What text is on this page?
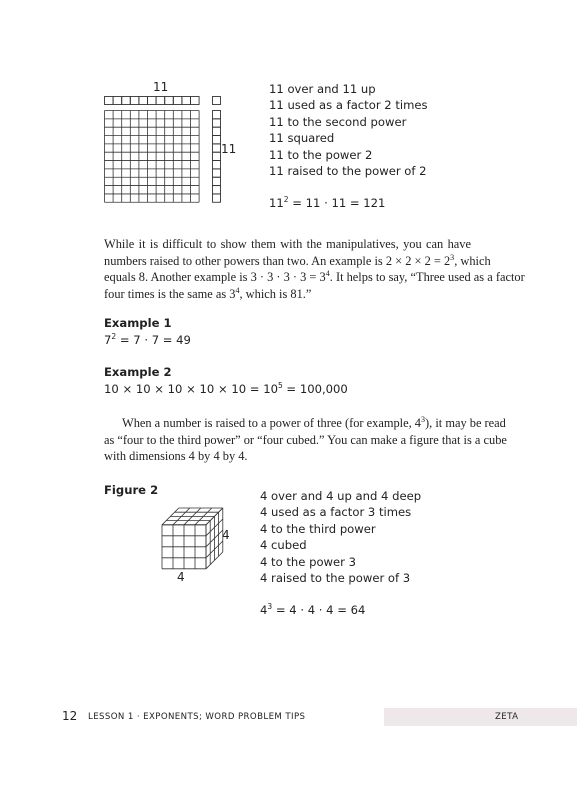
11
11
11 over and 11 up
11 used as a factor 2 times
11 to the second power
11 squared
11 to the power 2
11 raised to the power of 2
$11^2 = 11 \cdot 11 = 121$
While it is difficult to show them with the manipulatives, you can have
numbers raised to other powers than two. An example is $2 \times 2 \times 2 = 2^3$, which
equals 8. Another example is $3 \cdot 3 \cdot 3 \cdot 3 = 3^4$. It helps to say, “Three used as a factor
four times is the same as $3^4$, which is 81.”
Example 1
$7^2 = 7 \cdot 7 = 49$
Example 2
$10 \times 10 \times 10 \times 10 \times 10 = 10^5 = 100,000$
When a number is raised to a power of three (for example, $4^3$), it may be read
as “four to the third power” or “four cubed.” You can make a figure that is a cube
with dimensions 4 by 4 by 4.
Figure 2
4
4
4 over and 4 up and 4 deep
4 used as a factor 3 times
4 to the third power
4 cubed
4 to the power 3
4 raised to the power of 3
$4^3 = 4 \cdot 4 \cdot 4 = 64$
12 LESSON 1 · EXPONENTS; WORD PROBLEM TIPS	ZETA
